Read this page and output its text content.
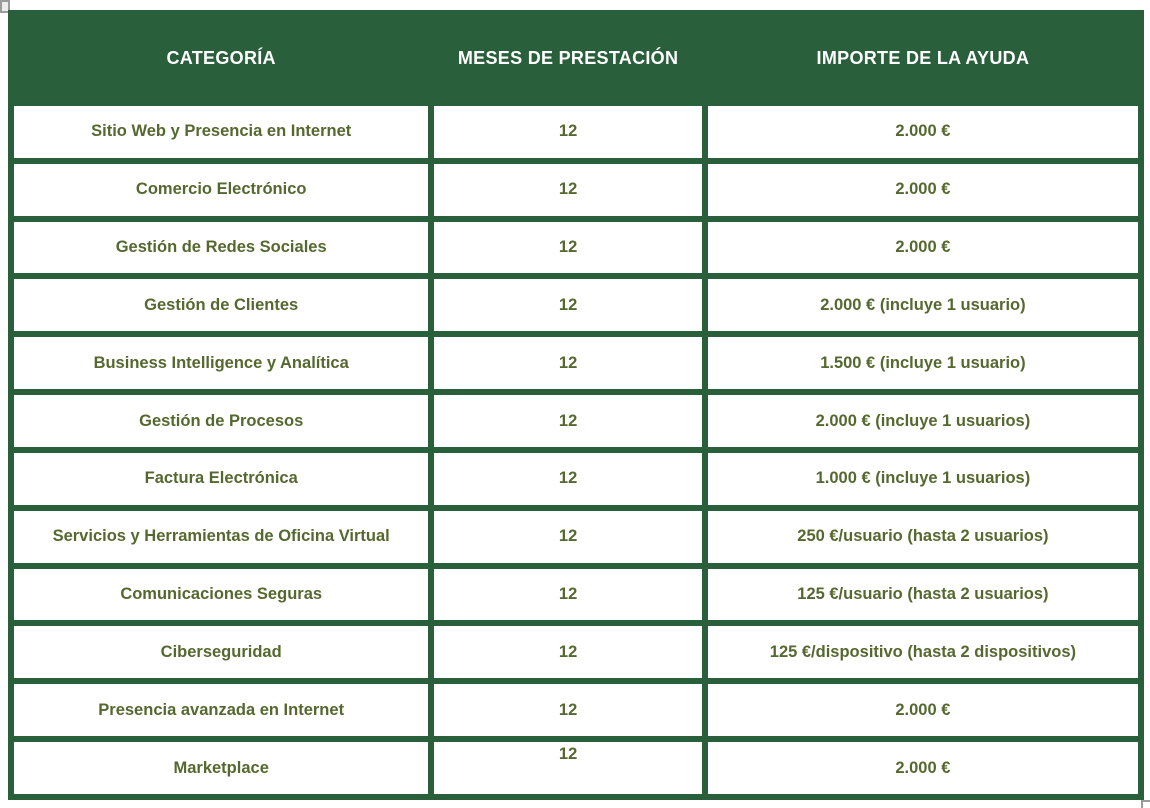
CATEGORÍA	MESES DE PRESTACIÓN	IMPORTE DE LA AYUDA
Sitio Web y Presencia en Internet	12	2.000 €
Comercio Electrónico	12	2.000 €
Gestión de Redes Sociales	12	2.000 €
Gestión de Clientes	12	2.000 € (incluye 1 usuario)
Business Intelligence y Analítica	12	1.500 € (incluye 1 usuario)
Gestión de Procesos	12	2.000 € (incluye 1 usuarios)
Factura Electrónica	12	1.000 € (incluye 1 usuarios)
Servicios y Herramientas de Oficina Virtual	12	250 €/usuario (hasta 2 usuarios)
Comunicaciones Seguras	12	125 €/usuario (hasta 2 usuarios)
Ciberseguridad	12	125 €/dispositivo (hasta 2 dispositivos)
Presencia avanzada en Internet	12	2.000 €
Marketplace	12	2.000 €
